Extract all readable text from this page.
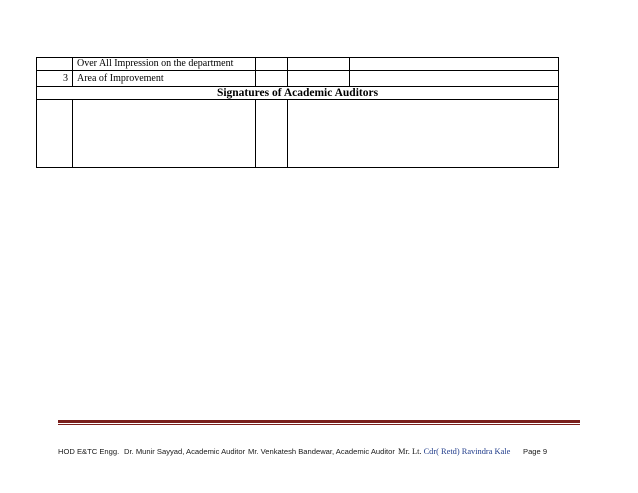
	Over All Impression on the department			
3	Area of Improvement			
Signatures of Academic Auditors				

HOD E&TC Engg. Dr. Munir Sayyad, Academic Auditor Mr. Venkatesh Bandewar, Academic Auditor Mr. Lt. Cdr( Retd) Ravindra Kale Page 9
